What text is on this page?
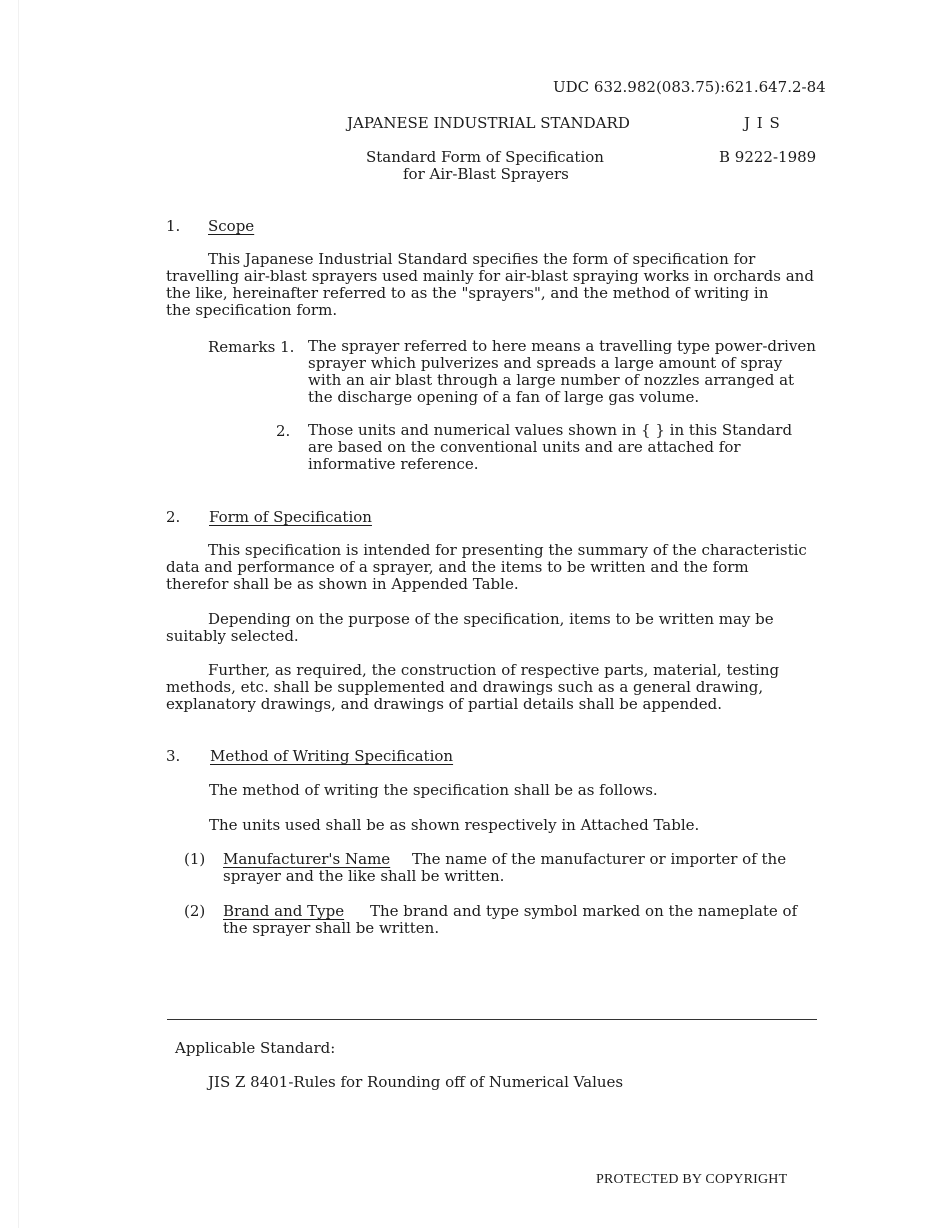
UDC 632.982(083.75):621.647.2-84
JAPANESE INDUSTRIAL STANDARD	J I S
Standard Form of Specification
for Air-Blast Sprayers
B 9222-1989
1. Scope
This Japanese Industrial Standard specifies the form of specification for
travelling air-blast sprayers used mainly for air-blast spraying works in orchards and
the like, hereinafter referred to as the "sprayers", and the method of writing in
the specification form.
Remarks 1. The sprayer referred to here means a travelling type power-driven
sprayer which pulverizes and spreads a large amount of spray
with an air blast through a large number of nozzles arranged at
the discharge opening of a fan of large gas volume.
2. Those units and numerical values shown in { } in this Standard
are based on the conventional units and are attached for
informative reference.
2. Form of Specification
This specification is intended for presenting the summary of the characteristic
data and performance of a sprayer, and the items to be written and the form
therefor shall be as shown in Appended Table.
Depending on the purpose of the specification, items to be written may be
suitably selected.
Further, as required, the construction of respective parts, material, testing
methods, etc. shall be supplemented and drawings such as a general drawing,
explanatory drawings, and drawings of partial details shall be appended.
3. Method of Writing Specification
The method of writing the specification shall be as follows.
The units used shall be as shown respectively in Attached Table.
(1) Manufacturer's Name The name of the manufacturer or importer of the
sprayer and the like shall be written.
(2) Brand and Type The brand and type symbol marked on the nameplate of
the sprayer shall be written.
Applicable Standard:
JIS Z 8401-Rules for Rounding off of Numerical Values
PROTECTED BY COPYRIGHT
